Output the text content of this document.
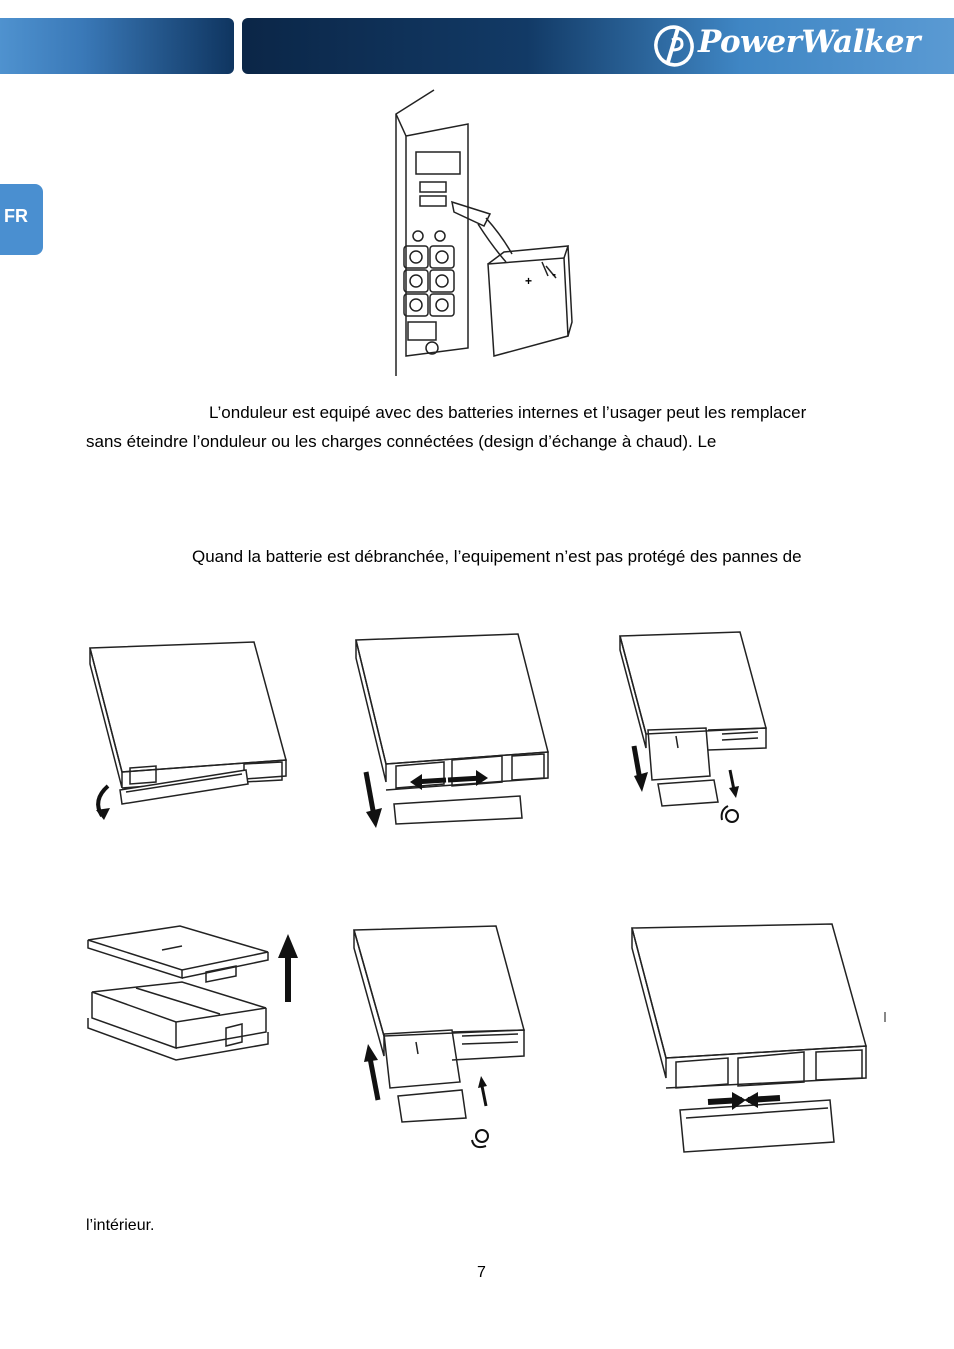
PowerWalker
FR
+ -
L’onduleur est equipé avec des batteries internes et l’usager peut les remplacer
sans éteindre l’onduleur ou les charges connéctées (design d’échange à chaud). Le
Quand la batterie est débranchée, l’equipement n’est pas protégé des pannes de
l’intérieur.
7
